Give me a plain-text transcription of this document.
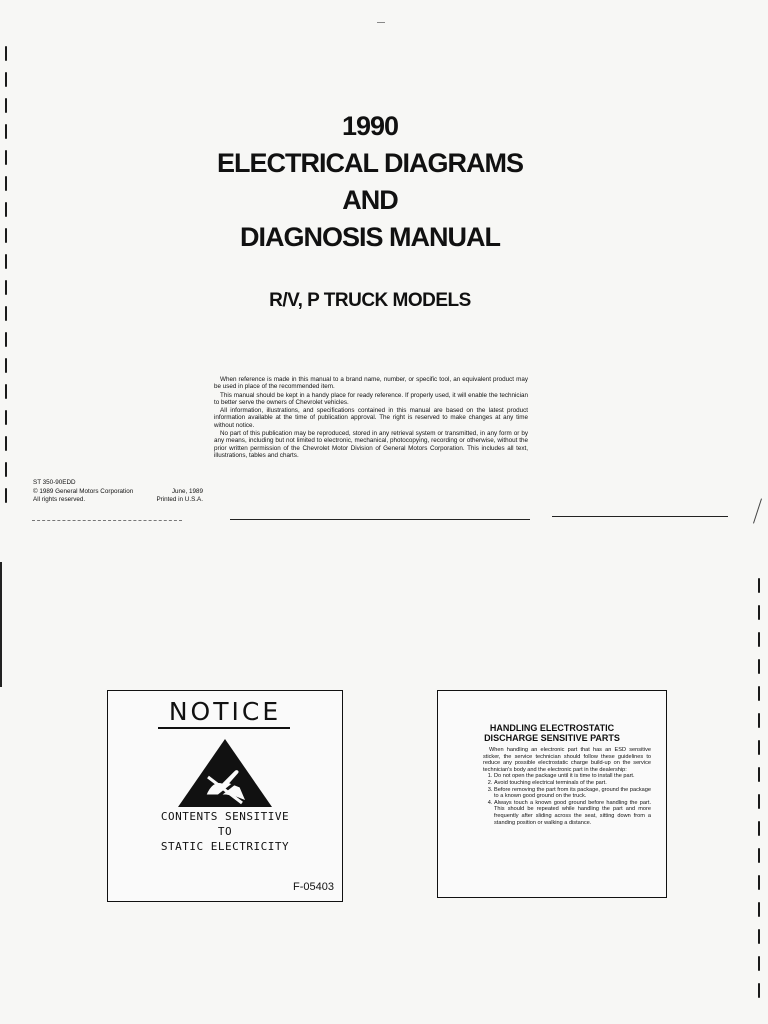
1990
ELECTRICAL DIAGRAMS
AND
DIAGNOSIS MANUAL
R/V, P TRUCK MODELS

When reference is made in this manual to a brand name, number, or specific tool, an equivalent product may be used in place of the recommended item.

This manual should be kept in a handy place for ready reference. If properly used, it will enable the technician to better serve the owners of Chevrolet vehicles.

All information, illustrations, and specifications contained in this manual are based on the latest product information available at the time of publication approval. The right is reserved to make changes at any time without notice.

No part of this publication may be reproduced, stored in any retrieval system or transmitted, in any form or by any means, including but not limited to electronic, mechanical, photocopying, recording or otherwise, without the prior written permission of the Chevrolet Motor Division of General Motors Corporation. This includes all text, illustrations, tables and charts.

ST 350-90EDD
© 1989 General Motors Corporation	June, 1989
All rights reserved.	Printed in U.S.A.
NOTICE
CONTENTS SENSITIVE
TO
STATIC ELECTRICITY
F-05403
HANDLING ELECTROSTATIC
DISCHARGE SENSITIVE PARTS

When handling an electronic part that has an ESD sensitive sticker, the service technician should follow these guidelines to reduce any possible electrostatic charge build-up on the service technician's body and the electronic part in the dealership:

1. Do not open the package until it is time to install the part.
2. Avoid touching electrical terminals of the part.
3. Before removing the part from its package, ground the package to a known good ground on the truck.
4. Always touch a known good ground before handling the part. This should be repeated while handling the part and more frequently after sliding across the seat, sitting down from a standing position or walking a distance.
